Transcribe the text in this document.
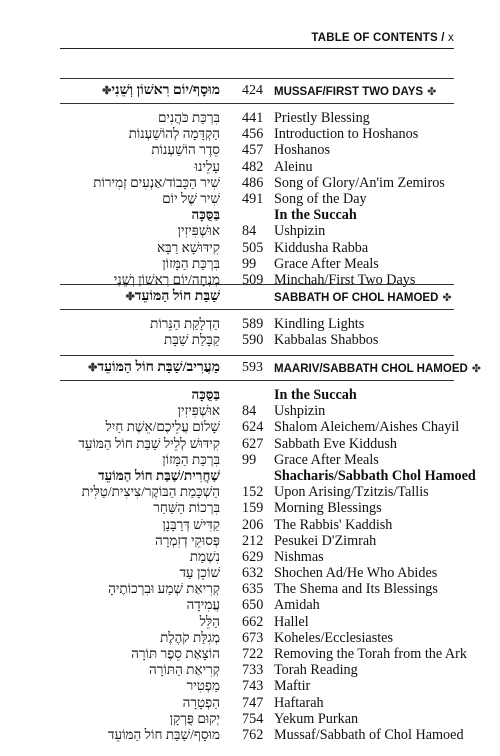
TABLE OF CONTENTS / x
מוּסָף/יוֹם רִאשׁוֹן וְשֵׁנִי✤	424 MUSSAF/FIRST TWO DAYS ✤
בִּרְכַּת כֹּהֲנִים 441 Priestly Blessing
הַקְדָּמָה לְהוֹשַׁעְנוֹת 456 Introduction to Hoshanos
סֵדֶר הוֹשַׁעְנוֹת 457 Hoshanos
עָלֵינוּ 482 Aleinu
שִׁיר הַכָּבוֹד/אַנְעִים זְמִירוֹת 486 Song of Glory/An'im Zemiros
שִׁיר שֶׁל יוֹם 491 Song of the Day
בַּסֻּכָּה	In the Succah
אוּשְׁפִּיזִין 84	Ushpizin
קִידּוּשָׁא רַבָּא 505 Kiddusha Rabba
בִּרְכַּת הַמָּזוֹן 99	Grace After Meals
מִנְחָה/יוֹם רִאשׁוֹן וְשֵׁנִי 509 Minchah/First Two Days
שַׁבַּת חוֹל הַמּוֹעֵד✤	SABBATH OF CHOL HAMOED ✤
הַדְלָקַת הַנֵּרוֹת 589 Kindling Lights
קַבָּלַת שַׁבָּת 590 Kabbalas Shabbos
מַעֲרִיב/שַׁבַּת חוֹל הַמּוֹעֵד✤	593 MAARIV/SABBATH CHOL HAMOED ✤
בַּסֻּכָּה	In the Succah
אוּשְׁפִּיזִין 84	Ushpizin
שָׁלוֹם עֲלֵיכֶם/אֵשֶׁת חַיִל 624 Shalom Aleichem/Aishes Chayil
קִידּוּשׁ לְלֵיל שַׁבַּת חוֹל הַמּוֹעֵד 627 Sabbath Eve Kiddush
בִּרְכַּת הַמָּזוֹן 99	Grace After Meals
שַׁחֲרִית/שַׁבַּת חוֹל הַמּוֹעֵד	Shacharis/Sabbath Chol Hamoed
הַשְׁכָּמַת הַבּוֹקֶר/צִיצִית/טַלִּית 152 Upon Arising/Tzitzis/Tallis
בִּרְכוֹת הַשַּׁחַר 159 Morning Blessings
קַדִּישׁ דְּרַבָּנָן 206 The Rabbis' Kaddish
פְּסוּקֵי דְזִמְרָה 212 Pesukei D'Zimrah
נִשְׁמַת 629 Nishmas
שׁוֹכֵן עַד 632 Shochen Ad/He Who Abides
קְרִיאַת שְׁמַע וּבִרְכוֹתֶיהָ 635 The Shema and Its Blessings
עֲמִידָה 650 Amidah
הַלֵּל 662 Hallel
מְגִלַּת קֹהֶלֶת 673 Koheles/Ecclesiastes
הוֹצָאַת סֵפֶר תּוֹרָה 722 Removing the Torah from the Ark
קְרִיאַת הַתּוֹרָה 733 Torah Reading
מַפְטִיר 743 Maftir
הַפְטָרָה 747 Haftarah
יְקוּם פֻּרְקָן 754 Yekum Purkan
מוּסָף/שַׁבַּת חוֹל הַמּוֹעֵד 762 Mussaf/Sabbath of Chol Hamoed
